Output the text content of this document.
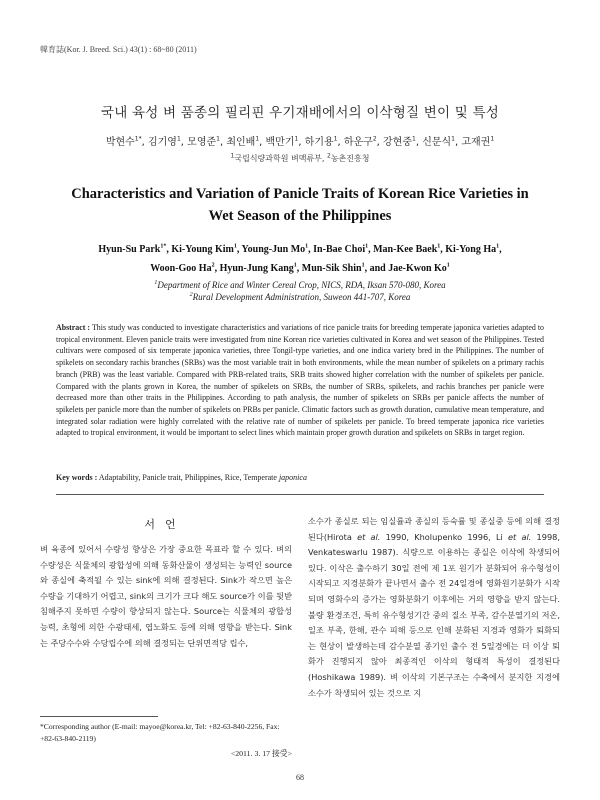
韓育誌(Kor. J. Breed. Sci.) 43(1) : 68~80 (2011)
국내 육성 벼 품종의 필리핀 우기재배에서의 이삭형질 변이 및 특성
박현수$^{1*}$, 김기영$^1$, 모영준$^1$, 최인배$^1$, 백만기$^1$, 하기용$^1$, 하운구$^2$, 강현중$^1$, 신문식$^1$, 고재권$^1$
$^1$국립식량과학원 벼맥류부, $^2$농촌진흥청
Characteristics and Variation of Panicle Traits of Korean Rice Varieties in
Wet Season of the Philippines
Hyun-Su Park$^{1*}$, Ki-Young Kim$^1$, Young-Jun Mo$^1$, In-Bae Choi$^1$, Man-Kee Baek$^1$, Ki-Yong Ha$^1$,
Woon-Goo Ha$^2$, Hyun-Jung Kang$^1$, Mun-Sik Shin$^1$, and Jae-Kwon Ko$^1$
$^1$Department of Rice and Winter Cereal Crop, NICS, RDA, Iksan 570-080, Korea
$^2$Rural Development Administration, Suweon 441-707, Korea
Abstract : This study was conducted to investigate characteristics and variations of rice panicle traits for breeding temperate japonica varieties adapted to tropical environment. Eleven panicle traits were investigated from nine Korean rice varieties cultivated in Korea and wet season of the Philippines. Tested cultivars were composed of six temperate japonica varieties, three Tongil-type varieties, and one indica variety bred in the Philippines. The number of spikelets on secondary rachis branches (SRBs) was the most variable trait in both environments, while the mean number of spikelets on a primary rachis branch (PRB) was the least variable. Compared with PRB-related traits, SRB traits showed higher correlation with the number of spikelets per panicle. Compared with the plants grown in Korea, the number of spikelets on SRBs, the number of SRBs, spikelets, and rachis branches per panicle were decreased more than other traits in the Philippines. According to path analysis, the number of spikelets on SRBs per panicle affects the number of spikelets per panicle more than the number of spikelets on PRBs per panicle. Climatic factors such as growth duration, cumulative mean temperature, and integrated solar radiation were highly correlated with the relative rate of number of spikelets per panicle. To breed temperate japonica rice varieties adapted to tropical environment, it would be important to select lines which maintain proper growth duration and spikelets on SRBs in target region.
Key words : Adaptability, Panicle trait, Philippines, Rice, Temperate japonica
서언

벼 육종에 있어서 수량성 향상은 가장 중요한 목표라 할 수 있다. 벼의 수량성은 식물체의 광합성에 의해 동화산물이 생성되는 능력인 source와 종실에 축적될 수 있는 sink에 의해 결정된다. Sink가 작으면 높은 수량을 기대하기 어렵고, sink의 크기가 크다 해도 source가 이를 뒷받침해주지 못하면 수량이 향상되지 않는다. Source는 식물체의 광합성 능력, 초형에 의한 수광태세, 엽노화도 등에 의해 영향을 받는다. Sink는 주당수수와 수당립수에 의해 결정되는 단위면적당 립수,

소수가 종실로 되는 임실률과 종실의 등숙률 및 종실중 등에 의해 결정된다(Hirota et al. 1990, Kholupenko 1996, Li et al. 1998, Venkateswarlu 1987). 식량으로 이용하는 종실은 이삭에 착생되어 있다. 이삭은 출수하기 30일 전에 제 1포 원기가 분화되어 유수형성이 시작되고 지경분화가 끝나면서 출수 전 24일경에 영화원기분화가 시작되며 영화수의 증가는 영화분화기 이후에는 거의 영향을 받지 않는다. 불량 환경조건, 특히 유수형성기간 중의 질소 부족, 감수분열기의 저온, 일조 부족, 한해, 관수 피해 등으로 인해 분화된 지경과 영화가 퇴화되는 현상이 발생하는데 감수분열 종기인 출수 전 5일경에는 더 이상 퇴화가 진행되지 않아 최종적인 이삭의 형태적 특성이 결정된다(Hoshikawa 1989). 벼 이삭의 기본구조는 수축에서 분지한 지경에 소수가 착생되어 있는 것으로 지

*Corresponding author (E-mail: mayoe@korea.kr, Tel: +82-63-840-2256, Fax: +82-63-840-2119)
<2011. 3. 17 接受>
68
